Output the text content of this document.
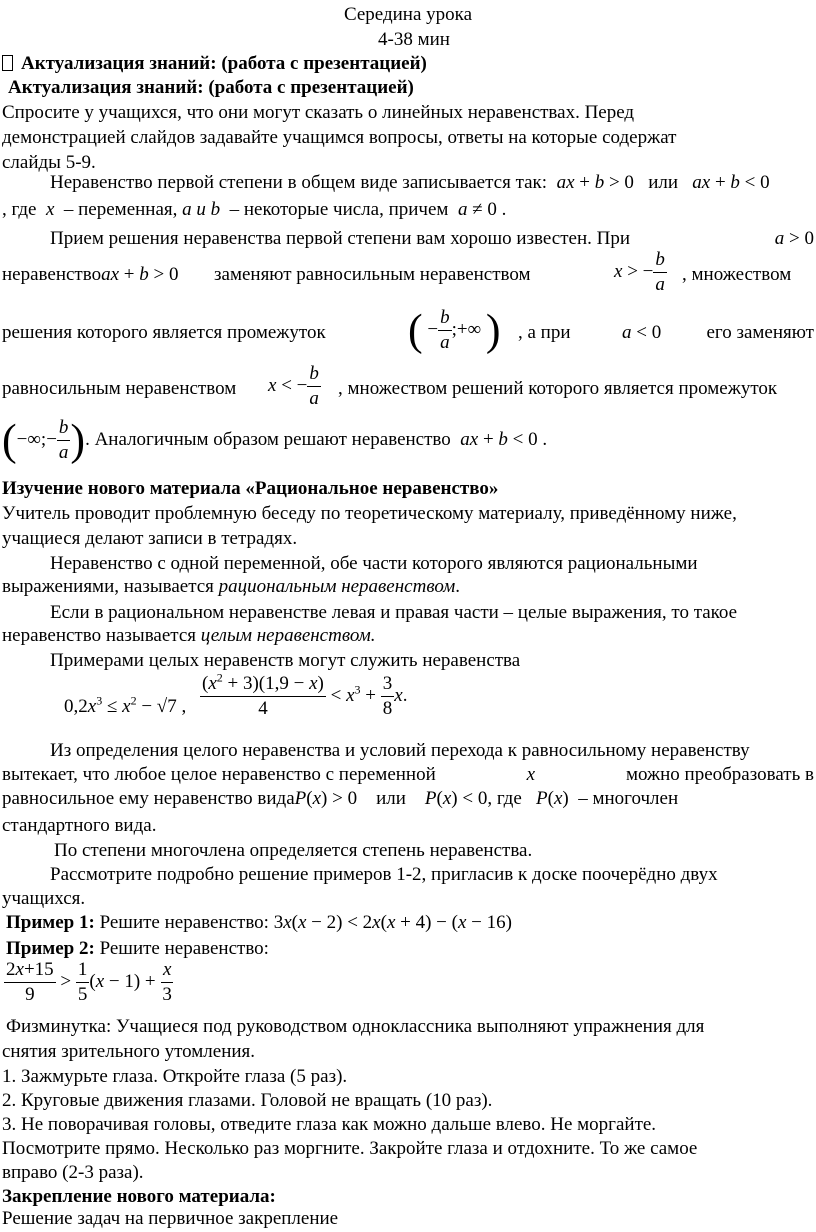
Середина урока
4-38 мин
Актуализация знаний: (работа с презентацией)
Актуализация знаний: (работа с презентацией)
Спросите у учащихся, что они могут сказать о линейных неравенствах. Перед
демонстрацией слайдов задавайте учащимся вопросы, ответы на которые содержат
слайды 5-9.
Неравенство первой степени в общем виде записывается так: ax + b > 0   или ax + b < 0
, где x – переменная, a и b – некоторые числа, причем a ≠ 0 .
Прием решения неравенства первой степени вам хорошо известен. При	a > 0
неравенствоax + b > 0 заменяют равносильным неравенством	x > − $\frac{b}{a}$ , множеством
решения которого является промежуток ( − $\frac{b}{a}$ ;+∞ ) , а при	a < 0	его заменяют
равносильным неравенством x < − $\frac{b}{a}$ , множеством решений которого является промежуток
(−∞;− $\frac{b}{a}$ ). Аналогичным образом решают неравенство ax + b < 0 .
Изучение нового материала «Рациональное неравенство»
Учитель проводит проблемную беседу по теоретическому материалу, приведённому ниже,
учащиеся делают записи в тетрадях.
Неравенство с одной переменной, обе части которого являются рациональными
выражениями, называется рациональным неравенством.
Если в рациональном неравенстве левая и правая части – целые выражения, то такое
неравенство называется целым неравенством.
Примерами целых неравенств могут служить неравенства
$0,2x^3 \le x^2 - √7$ , $\frac{(x^2 + 3)(1,9 - x)}{4} < x^3 + \frac{3}{8} x$.
Из определения целого неравенства и условий перехода к равносильному неравенству
вытекает, что любое целое неравенство с переменной	x	можно преобразовать в
равносильное ему неравенство видаP(x) > 0    или P(x) < 0, где P(x)  – многочлен
стандартного вида.
По степени многочлена определяется степень неравенства.
Рассмотрите подробно решение примеров 1-2, пригласив к доске поочерёдно двух
учащихся.
Пример 1: Решите неравенство: 3x(x − 2) < 2x(x + 4) − (x − 16)
Пример 2: Решите неравенство:
$\frac{2x+15}{9} > \frac{1}{5} (x - 1) + \frac{x}{3}$
Физминутка: Учащиеся под руководством одноклассника выполняют упражнения для
снятия зрительного утомления.
1. Зажмурьте глаза. Откройте глаза (5 раз).
2. Круговые движения глазами. Головой не вращать (10 раз).
3. Не поворачивая головы, отведите глаза как можно дальше влево. Не моргайте.
Посмотрите прямо. Несколько раз моргните. Закройте глаза и отдохните. То же самое
вправо (2-3 раза).
Закрепление нового материала:
Решение задач на первичное закрепление
